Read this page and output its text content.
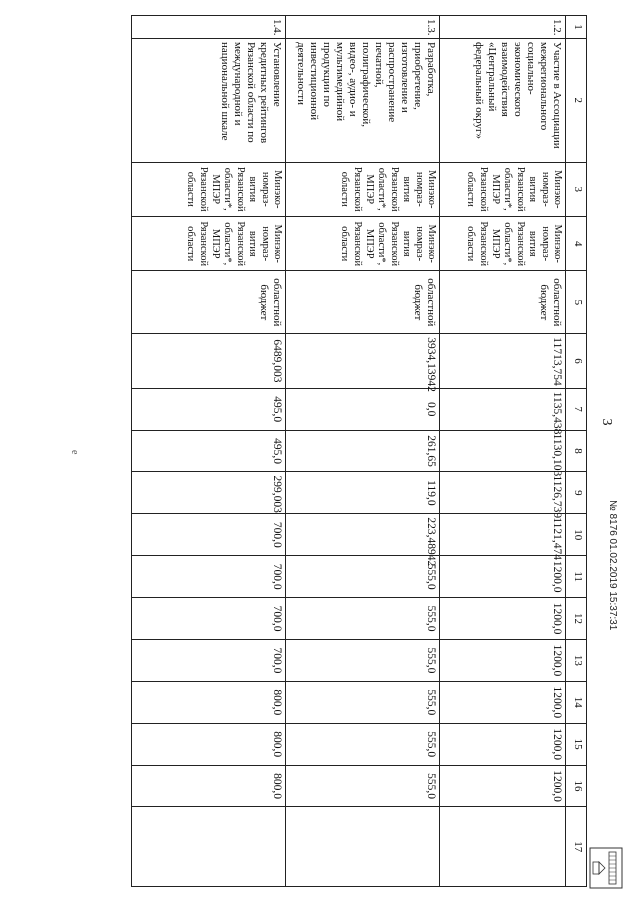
3
1	2	3	4	5	6	7	8	9	10	11	12	13	14	15	16	17
1.2.	Участие в Ассоциации межрегионального социально-экономического взаимодействия «Центральный федеральный округ»	Минэко-номраз-вития Рязанской области*, МПЭР Рязанской области	Минэко-номраз-вития Рязанской области*, МПЭР Рязанской области	областной бюджет	11713,754	1135,438	1130,103	1126,739	1121,474	1200,0	1200,0	1200,0	1200,0	1200,0	1200,0	
1.3.	Разработка, приобретение, изготовление и распространение печатной, полиграфической, видео-, аудио- и мультимедийной продукции по инвестиционной деятельности	Минэко-номраз-вития Рязанской области*, МПЭР Рязанской области	Минэко-номраз-вития Рязанской области*, МПЭР Рязанской области	областной бюджет	3934,13942	0,0	261,65	119,0	223,48942	555,0	555,0	555,0	555,0	555,0	555,0	
1.4.	Установление кредитных рейтингов Рязанской области по международной и национальной шкале	Минэко-номраз-вития Рязанской области*, МПЭР Рязанской области	Минэко-номраз-вития Рязанской области*, МПЭР Рязанской области	областной бюджет	6489,003	495,0	495,0	299,003	700,0	700,0	700,0	700,0	800,0	800,0	800,0	
е
№ 8176 01.02.2019 15:37:31
